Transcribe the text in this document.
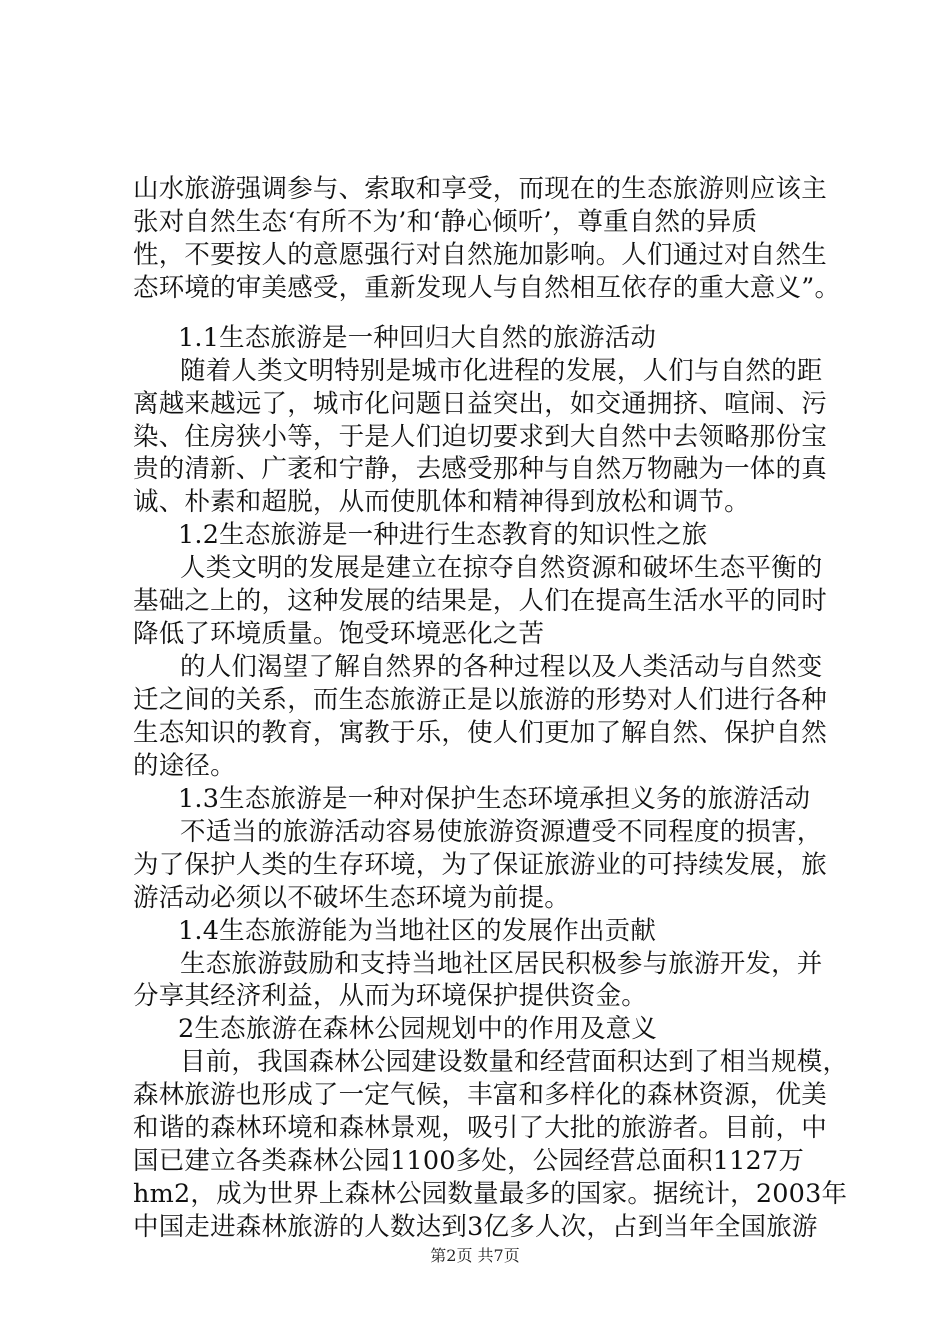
山水旅游强调参与、索取和享受，而现在的生态旅游则应该主
张对自然生态‘有所不为’和‘静心倾听’，尊重自然的异质
性，不要按人的意愿强行对自然施加影响。人们通过对自然生
态环境的审美感受，重新发现人与自然相互依存的重大意义”。
1.1生态旅游是一种回归大自然的旅游活动
随着人类文明特别是城市化进程的发展，人们与自然的距
离越来越远了，城市化问题日益突出，如交通拥挤、喧闹、污
染、住房狭小等，于是人们迫切要求到大自然中去领略那份宝
贵的清新、广袤和宁静，去感受那种与自然万物融为一体的真
诚、朴素和超脱，从而使肌体和精神得到放松和调节。
1.2生态旅游是一种进行生态教育的知识性之旅
人类文明的发展是建立在掠夺自然资源和破坏生态平衡的
基础之上的，这种发展的结果是，人们在提高生活水平的同时
降低了环境质量。饱受环境恶化之苦
的人们渴望了解自然界的各种过程以及人类活动与自然变
迁之间的关系，而生态旅游正是以旅游的形势对人们进行各种
生态知识的教育，寓教于乐，使人们更加了解自然、保护自然
的途径。
1.3生态旅游是一种对保护生态环境承担义务的旅游活动
不适当的旅游活动容易使旅游资源遭受不同程度的损害，
为了保护人类的生存环境，为了保证旅游业的可持续发展，旅
游活动必须以不破坏生态环境为前提。
1.4生态旅游能为当地社区的发展作出贡献
生态旅游鼓励和支持当地社区居民积极参与旅游开发，并
分享其经济利益，从而为环境保护提供资金。
2生态旅游在森林公园规划中的作用及意义
目前，我国森林公园建设数量和经营面积达到了相当规模，
森林旅游也形成了一定气候，丰富和多样化的森林资源，优美
和谐的森林环境和森林景观，吸引了大批的旅游者。目前，中
国已建立各类森林公园1100多处，公园经营总面积1127万
hm2，成为世界上森林公园数量最多的国家。据统计，2003年
中国走进森林旅游的人数达到3亿多人次，占到当年全国旅游
第2页 共7页
